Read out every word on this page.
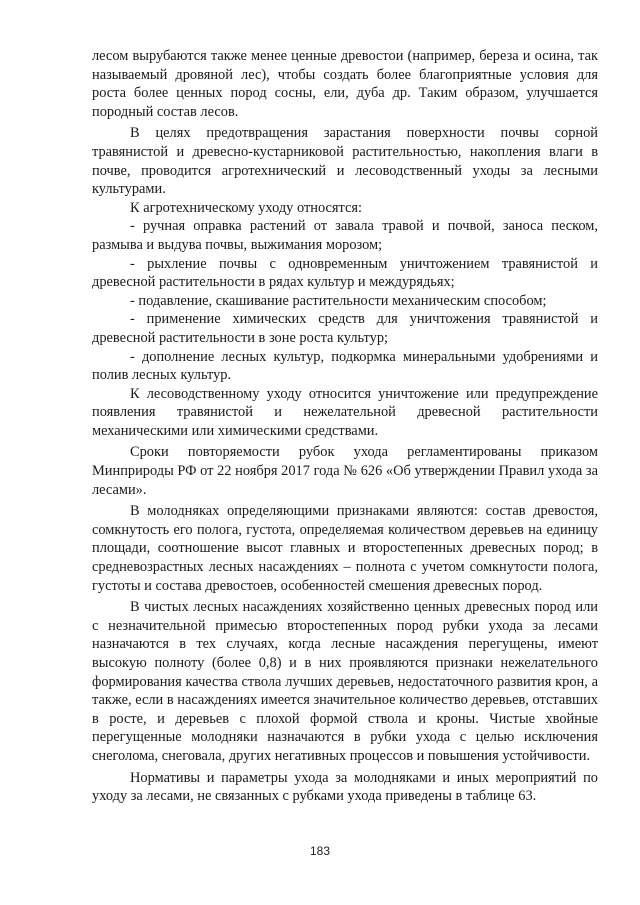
лесом вырубаются также менее ценные древостои (например, береза и осина, так называемый дровяной лес), чтобы создать более благоприятные условия для роста более ценных пород сосны, ели, дуба др. Таким образом, улучшается породный состав лесов.

В целях предотвращения зарастания поверхности почвы сорной травянистой и древесно-кустарниковой растительностью, накопления влаги в почве, проводится агротехнический и лесоводственный уходы за лесными культурами.

К агротехническому уходу относятся:

- ручная оправка растений от завала травой и почвой, заноса песком, размыва и выдува почвы, выжимания морозом;

- рыхление почвы с одновременным уничтожением травянистой и древесной растительности в рядах культур и междурядьях;

- подавление, скашивание растительности механическим способом;

- применение химических средств для уничтожения травянистой и древесной растительности в зоне роста культур;

- дополнение лесных культур, подкормка минеральными удобрениями и полив лесных культур.

К лесоводственному уходу относится уничтожение или предупреждение появления травянистой и нежелательной древесной растительности механическими или химическими средствами.

Сроки повторяемости рубок ухода регламентированы приказом Минприроды РФ от 22 ноября 2017 года № 626 «Об утверждении Правил ухода за лесами».

В молодняках определяющими признаками являются: состав древостоя, сомкнутость его полога, густота, определяемая количеством деревьев на единицу площади, соотношение высот главных и второстепенных древесных пород; в средневозрастных лесных насаждениях – полнота с учетом сомкнутости полога, густоты и состава древостоев, особенностей смешения древесных пород.

В чистых лесных насаждениях хозяйственно ценных древесных пород или с незначительной примесью второстепенных пород рубки ухода за лесами назначаются в тех случаях, когда лесные насаждения перегущены, имеют высокую полноту (более 0,8) и в них проявляются признаки нежелательного формирования качества ствола лучших деревьев, недостаточного развития крон, а также, если в насаждениях имеется значительное количество деревьев, отставших в росте, и деревьев с плохой формой ствола и кроны. Чистые хвойные перегущенные молодняки назначаются в рубки ухода с целью исключения снеголома, снеговала, других негативных процессов и повышения устойчивости.

Нормативы и параметры ухода за молодняками и иных мероприятий по уходу за лесами, не связанных с рубками ухода приведены в таблице 63.

183
